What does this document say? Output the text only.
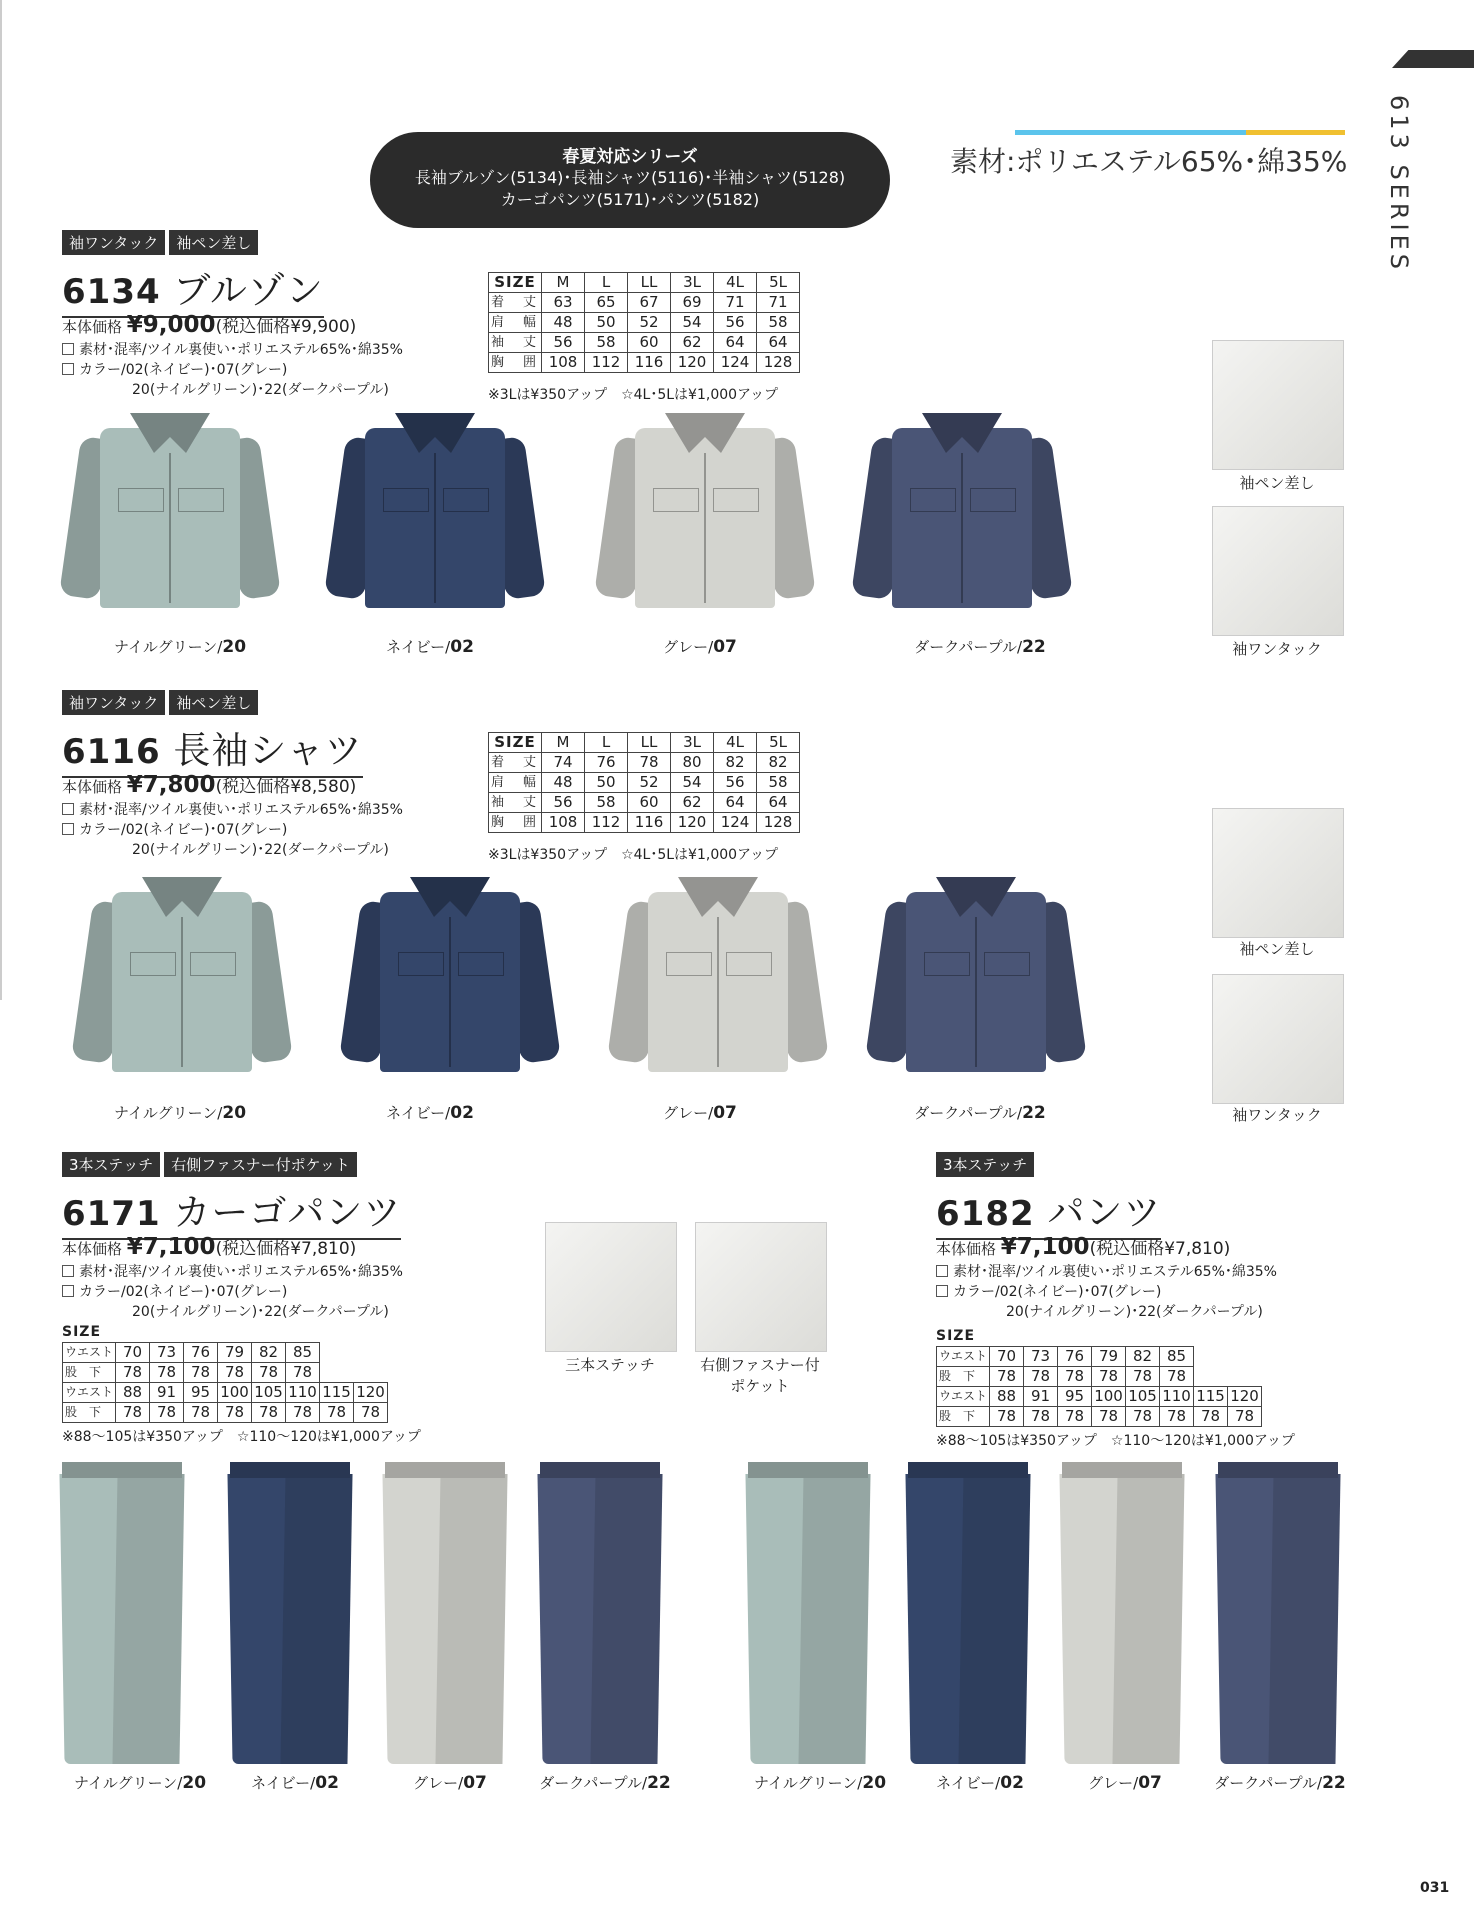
613 SERIES
春夏対応シリーズ
長袖ブルゾン(5134)･長袖シャツ(5116)･半袖シャツ(5128)
カーゴパンツ(5171)･パンツ(5182)
素材:ポリエステル65%･綿35%
袖ワンタック 袖ペン差し
6134 ブルゾン
本体価格 ¥9,000(税込価格¥9,900)
素材･混率/ツイル裏使い･ポリエステル65%･綿35%
カラー/02(ネイビー)･07(グレー)
20(ナイルグリーン)･22(ダークパープル)
SIZE	M	L	LL	3L	4L	5L
着　丈	63	65	67	69	71	71
肩　幅	48	50	52	54	56	58
袖　丈	56	58	60	62	64	64
胸　囲	108	112	116	120	124	128
※3Lは¥350アップ　☆4L･5Lは¥1,000アップ
ナイルグリーン/20	ネイビー/02	グレー/07	ダークパープル/22
袖ペン差し
袖ワンタック
袖ワンタック 袖ペン差し
6116 長袖シャツ
本体価格 ¥7,800(税込価格¥8,580)
素材･混率/ツイル裏使い･ポリエステル65%･綿35%
カラー/02(ネイビー)･07(グレー)
20(ナイルグリーン)･22(ダークパープル)
SIZE	M	L	LL	3L	4L	5L
着　丈	74	76	78	80	82	82
肩　幅	48	50	52	54	56	58
袖　丈	56	58	60	62	64	64
胸　囲	108	112	116	120	124	128
※3Lは¥350アップ　☆4L･5Lは¥1,000アップ
ナイルグリーン/20	ネイビー/02	グレー/07	ダークパープル/22
袖ペン差し
袖ワンタック
3本ステッチ 右側ファスナー付ポケット
6171 カーゴパンツ
本体価格 ¥7,100(税込価格¥7,810)
素材･混率/ツイル裏使い･ポリエステル65%･綿35%
カラー/02(ネイビー)･07(グレー)
20(ナイルグリーン)･22(ダークパープル)
SIZE
ウエスト	70	73	76	79	82	85		
股　下	78	78	78	78	78	78		
ウエスト	88	91	95	100	105	110	115	120
股　下	78	78	78	78	78	78	78	78
※88～105は¥350アップ　☆110～120は¥1,000アップ
三本ステッチ	右側ファスナー付
ポケット
3本ステッチ
6182 パンツ
本体価格 ¥7,100(税込価格¥7,810)
素材･混率/ツイル裏使い･ポリエステル65%･綿35%
カラー/02(ネイビー)･07(グレー)
20(ナイルグリーン)･22(ダークパープル)
SIZE
ウエスト	70	73	76	79	82	85		
股　下	78	78	78	78	78	78		
ウエスト	88	91	95	100	105	110	115	120
股　下	78	78	78	78	78	78	78	78
※88～105は¥350アップ　☆110～120は¥1,000アップ
ナイルグリーン/20	ネイビー/02	グレー/07	ダークパープル/22	ナイルグリーン/20	ネイビー/02	グレー/07	ダークパープル/22
031
